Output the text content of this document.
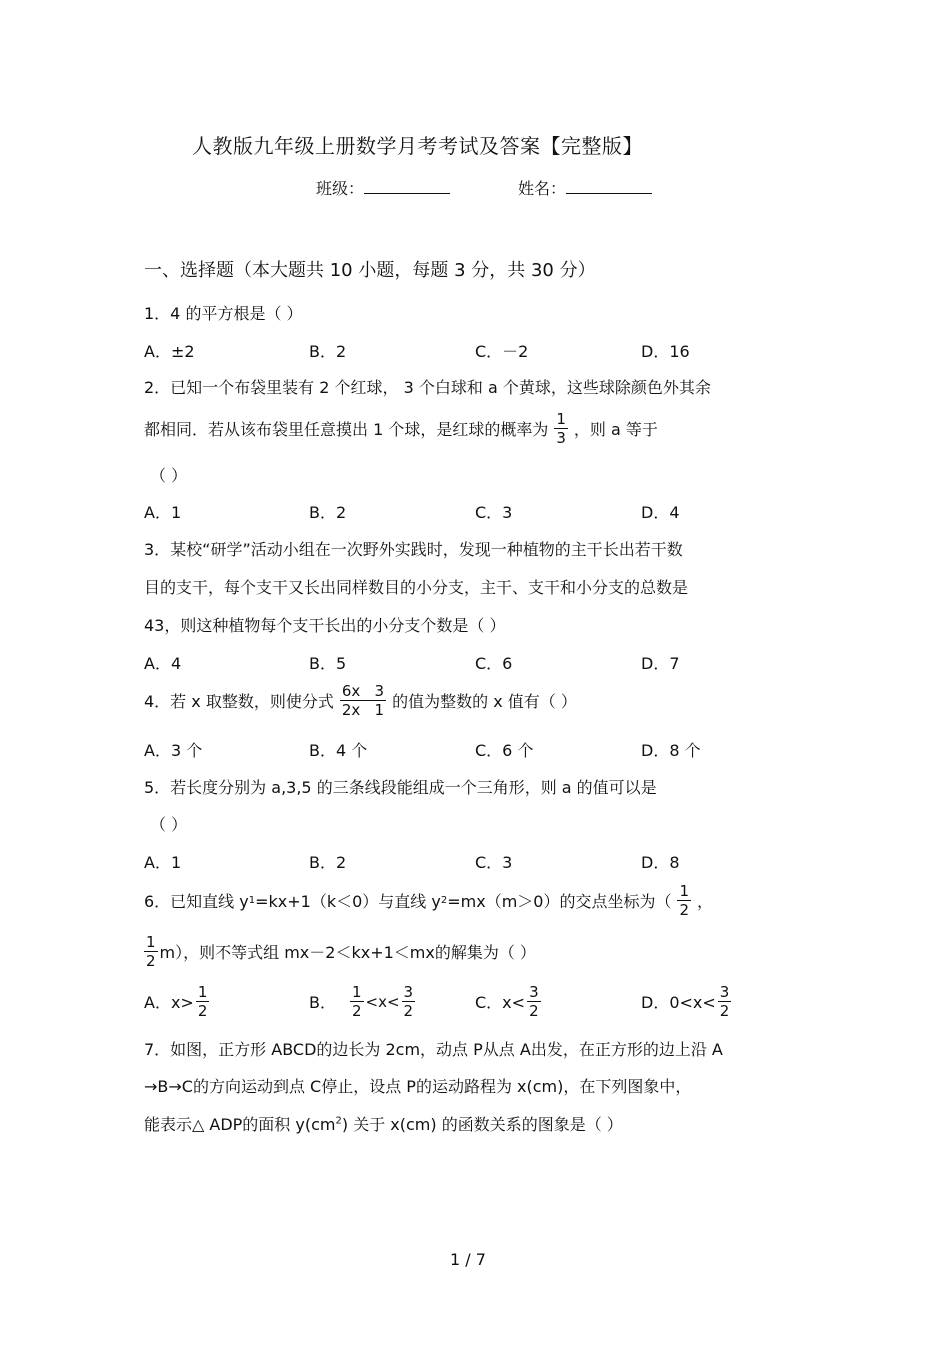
人教版九年级上册数学月考考试及答案【完整版】
班级：	姓名：
一、选择题（本大题共 10 小题，每题 3 分，共 30 分）
1．4 的平方根是（ ）
A．±2	B．2	C．－2	D．16
2．已知一个布袋里装有 2 个红球， 3 个白球和 a 个黄球，这些球除颜色外其余
都相同．若从该布袋里任意摸出 1 个球，是红球的概率为 $\frac{1}{3}$ ，则 a 等于
（ ）
A．1	B．2	C．3	D．4
3．某校“研学”活动小组在一次野外实践时，发现一种植物的主干长出若干数
目的支干，每个支干又长出同样数目的小分支，主干、支干和小分支的总数是
43，则这种植物每个支干长出的小分支个数是（ ）
A．4	B．5	C．6	D．7
4．若 x 取整数，则使分式 $\frac{6x 3}{2x 1}$ 的值为整数的 x 值有（ ）
A．3 个	B．4 个	C．6 个	D．8 个
5．若长度分别为 a,3,5 的三条线段能组成一个三角形，则 a 的值可以是
（ ）
A．1	B．2	C．3	D．8
6．已知直线 y 1 =kx+1（k＜0）与直线 y 2 =mx（m＞0）的交点坐标为（ $\frac{1}{2}$ ，
$\frac{1}{2} m$），则不等式组 mx－2＜kx+1＜mx的解集为（ ）
A．$x> \frac{1}{2}$	B． $\frac{1}{2} <x< \frac{3}{2}$	C．$x< \frac{3}{2}$	D．$0<x< \frac{3}{2}$
7．如图，正方形 ABCD的边长为 2cm，动点 P从点 A出发，在正方形的边上沿 A
→B→C的方向运动到点 C停止，设点 P的运动路程为 x(cm)，在下列图象中，
能表示△ ADP的面积 $y(cm^2)$ 关于 x(cm) 的函数关系的图象是（ ）
1 / 7
